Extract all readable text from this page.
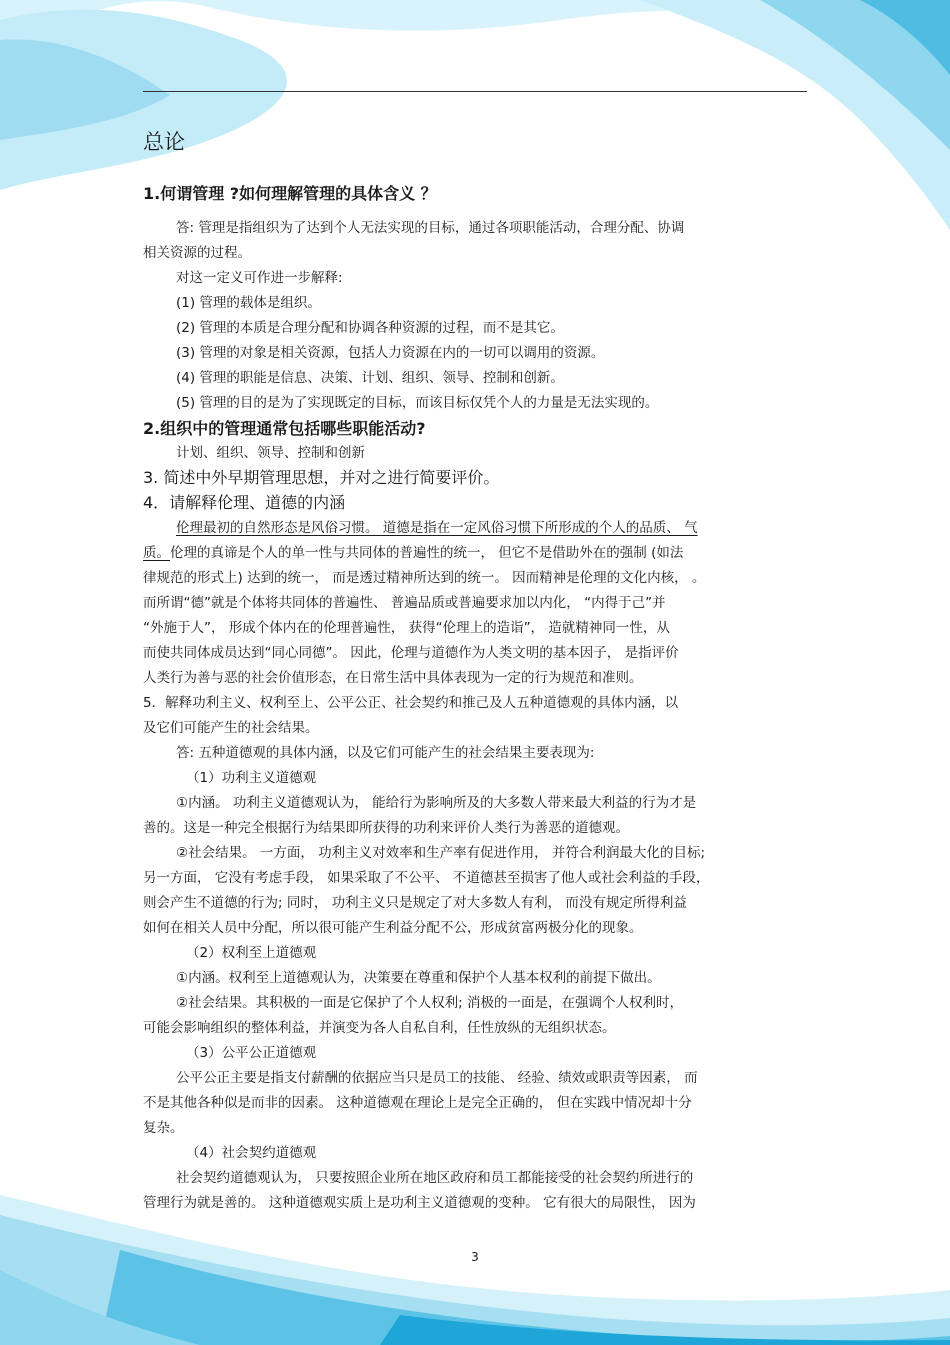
总论
1.何谓管理 ?如何理解管理的具体含义 ？
答: 管理是指组织为了达到个人无法实现的目标，通过各项职能活动，合理分配、协调
相关资源的过程。
对这一定义可作进一步解释:
(1) 管理的载体是组织。
(2) 管理的本质是合理分配和协调各种资源的过程，而不是其它。
(3) 管理的对象是相关资源，包括人力资源在内的一切可以调用的资源。
(4) 管理的职能是信息、决策、计划、组织、领导、控制和创新。
(5) 管理的目的是为了实现既定的目标，而该目标仅凭个人的力量是无法实现的。
2.组织中的管理通常包括哪些职能活动?
计划、组织、领导、控制和创新
3. 简述中外早期管理思想，并对之进行简要评价。
4．请解释伦理、道德的内涵
伦理最初的自然形态是风俗习惯。 道德是指在一定风俗习惯下所形成的个人的品质、 气
质。伦理的真谛是个人的单一性与共同体的普遍性的统一， 但它不是借助外在的强制 (如法
律规范的形式上) 达到的统一， 而是透过精神所达到的统一。 因而精神是伦理的文化内核， 。
而所谓“德”就是个体将共同体的普遍性、 普遍品质或普遍要求加以内化， “内得于己”并
“外施于人”， 形成个体内在的伦理普遍性， 获得“伦理上的造诣”， 造就精神同一性，从
而使共同体成员达到“同心同德”。 因此，伦理与道德作为人类文明的基本因子， 是指评价
人类行为善与恶的社会价值形态，在日常生活中具体表现为一定的行为规范和准则。
5．解释功利主义、权利至上、公平公正、社会契约和推己及人五种道德观的具体内涵，以
及它们可能产生的社会结果。
答: 五种道德观的具体内涵，以及它们可能产生的社会结果主要表现为:
（1）功利主义道德观
①内涵。 功利主义道德观认为， 能给行为影响所及的大多数人带来最大利益的行为才是
善的。这是一种完全根据行为结果即所获得的功利来评价人类行为善恶的道德观。
②社会结果。 一方面， 功利主义对效率和生产率有促进作用， 并符合利润最大化的目标;
另一方面， 它没有考虑手段， 如果采取了不公平、 不道德甚至损害了他人或社会利益的手段，
则会产生不道德的行为; 同时， 功利主义只是规定了对大多数人有利， 而没有规定所得利益
如何在相关人员中分配，所以很可能产生利益分配不公，形成贫富两极分化的现象。
（2）权利至上道德观
①内涵。权利至上道德观认为，决策要在尊重和保护个人基本权利的前提下做出。
②社会结果。其积极的一面是它保护了个人权利; 消极的一面是，在强调个人权利时，
可能会影响组织的整体利益，并演变为各人自私自利，任性放纵的无组织状态。
（3）公平公正道德观
公平公正主要是指支付薪酬的依据应当只是员工的技能、 经验、绩效或职责等因素， 而
不是其他各种似是而非的因素。 这种道德观在理论上是完全正确的， 但在实践中情况却十分
复杂。
（4）社会契约道德观
社会契约道德观认为， 只要按照企业所在地区政府和员工都能接受的社会契约所进行的
管理行为就是善的。 这种道德观实质上是功利主义道德观的变种。 它有很大的局限性， 因为
3
